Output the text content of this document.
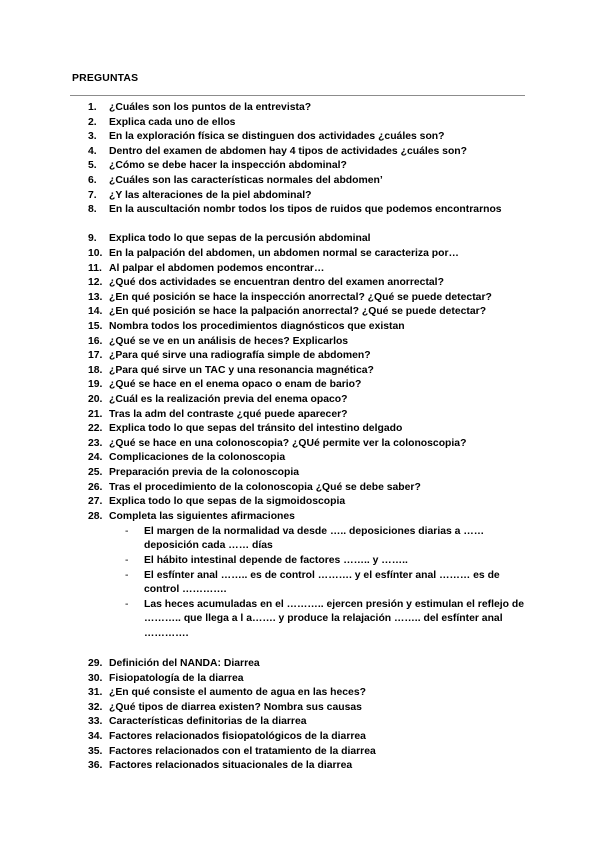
PREGUNTAS
1. ¿Cuáles son los puntos de la entrevista?
2. Explica cada uno de ellos
3. En la exploración física se distinguen dos actividades ¿cuáles son?
4. Dentro del examen de abdomen hay 4 tipos de actividades ¿cuáles son?
5. ¿Cómo se debe hacer la inspección abdominal?
6. ¿Cuáles son las características normales del abdomen’
7. ¿Y las alteraciones de la piel abdominal?
8. En la auscultación nombr todos los tipos de ruidos que podemos encontrarnos
9. Explica todo lo que sepas de la percusión abdominal
10. En la palpación del abdomen, un abdomen normal se caracteriza por…
11. Al palpar el abdomen podemos encontrar…
12. ¿Qué dos actividades se encuentran dentro del examen anorrectal?
13. ¿En qué posición se hace la inspección anorrectal? ¿Qué se puede detectar?
14. ¿En qué posición se hace la palpación anorrectal? ¿Qué se puede detectar?
15. Nombra todos los procedimientos diagnósticos que existan
16. ¿Qué se ve en un análisis de heces? Explicarlos
17. ¿Para qué sirve una radiografía simple de abdomen?
18. ¿Para qué sirve un TAC y una resonancia magnética?
19. ¿Qué se hace en el enema opaco o enam de bario?
20. ¿Cuál es la realización previa del enema opaco?
21. Tras la adm del contraste ¿qué puede aparecer?
22. Explica todo lo que sepas del tránsito del intestino delgado
23. ¿Qué se hace en una colonoscopia? ¿QUé permite ver la colonoscopia?
24. Complicaciones de la colonoscopia
25. Preparación previa de la colonoscopia
26. Tras el procedimiento de la colonoscopia ¿Qué se debe saber?
27. Explica todo lo que sepas de la sigmoidoscopia
28. Completa las siguientes afirmaciones
- El margen de la normalidad va desde ….. deposiciones diarias a …… deposición cada …… días
- El hábito intestinal depende de factores …….. y ……..
- El esfínter anal …….. es de control ………. y el esfínter anal ……… es de control ………….
- Las heces acumuladas en el ……….. ejercen presión y estimulan el reflejo de ……….. que llega a l a……. y produce la relajación …….. del esfínter anal ………….
29. Definición del NANDA: Diarrea
30. Fisiopatología de la diarrea
31. ¿En qué consiste el aumento de agua en las heces?
32. ¿Qué tipos de diarrea existen? Nombra sus causas
33. Características definitorias de la diarrea
34. Factores relacionados fisiopatológicos de la diarrea
35. Factores relacionados con el tratamiento de la diarrea
36. Factores relacionados situacionales de la diarrea
